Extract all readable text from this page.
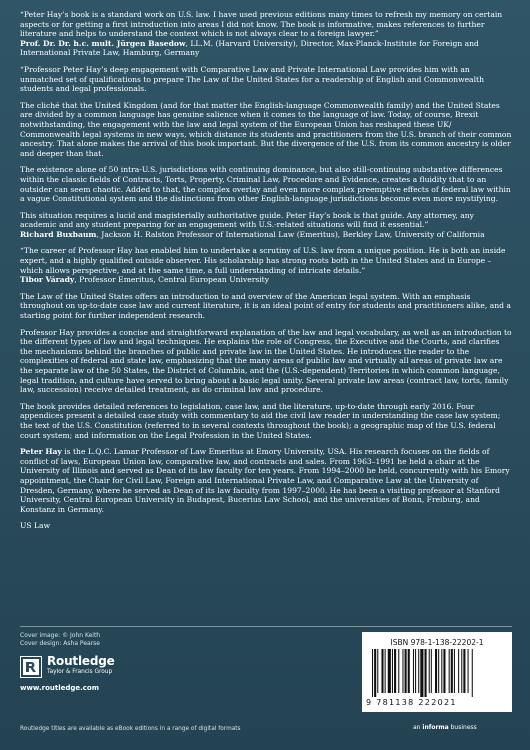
“Peter Hay’s book is a standard work on U.S. law. I have used previous editions many times to refresh my memory on certain aspects or for getting a first introduction into areas I did not know. The book is informative, makes references to further literature and helps to understand the context which is not always clear to a foreign lawyer.”

Prof. Dr. Dr. h.c. mult. Jürgen Basedow, LL.M. (Harvard University), Director, Max-Planck-Institute for Foreign and International Private Law, Hamburg, Germany

“Professor Peter Hay’s deep engagement with Comparative Law and Private International Law provides him with an unmatched set of qualifications to prepare The Law of the United States for a readership of English and Commonwealth students and legal professionals.

The cliché that the United Kingdom (and for that matter the English-language Commonwealth family) and the United States are divided by a common language has genuine salience when it comes to the language of law. Today, of course, Brexit notwithstanding, the engagement with the law and legal system of the European Union has reshaped these UK/ Commonwealth legal systems in new ways, which distance its students and practitioners from the U.S. branch of their common ancestry. That alone makes the arrival of this book important. But the divergence of the U.S. from its common ancestry is older and deeper than that.

The existence alone of 50 intra-U.S. jurisdictions with continuing dominance, but also still-continuing substantive differences within the classic fields of Contracts, Torts, Property, Criminal Law, Procedure and Evidence, creates a fluidity that to an outsider can seem chaotic. Added to that, the complex overlay and even more complex preemptive effects of federal law within a vague Constitutional system and the distinctions from other English-language jurisdictions become even more mystifying.

This situation requires a lucid and magisterially authoritative guide. Peter Hay’s book is that guide. Any attorney, any academic and any student preparing for an engagement with U.S.-related situations will find it essential.”

Richard Buxbaum, Jackson H. Ralston Professor of International Law (Emeritus), Berkley Law, University of California

“The career of Professor Hay has enabled him to undertake a scrutiny of U.S. law from a unique position. He is both an inside expert, and a highly qualified outside observer. His scholarship has strong roots both in the United States and in Europe – which allows perspective, and at the same time, a full understanding of intricate details.”

Tibor Várady, Professor Emeritus, Central European University

The Law of the United States offers an introduction to and overview of the American legal system. With an emphasis throughout on up-to-date case law and current literature, it is an ideal point of entry for students and practitioners alike, and a starting point for further independent research.

Professor Hay provides a concise and straightforward explanation of the law and legal vocabulary, as well as an introduction to the different types of law and legal techniques. He explains the role of Congress, the Executive and the Courts, and clarifies the mechanisms behind the branches of public and private law in the United States. He introduces the reader to the complexities of federal and state law, emphasizing that the many areas of public law and virtually all areas of private law are the separate law of the 50 States, the District of Columbia, and the (U.S.-dependent) Territories in which common language, legal tradition, and culture have served to bring about a basic legal unity. Several private law areas (contract law, torts, family law, succession) receive detailed treatment, as do criminal law and procedure.

The book provides detailed references to legislation, case law, and the literature, up-to-date through early 2016. Four appendices present a detailed case study with commentary to aid the civil law reader in understanding the case law system; the text of the U.S. Constitution (referred to in several contexts throughout the book); a geographic map of the U.S. federal court system; and information on the Legal Profession in the United States.

Peter Hay is the L.Q.C. Lamar Professor of Law Emeritus at Emory University, USA. His research focuses on the fields of conflict of laws, European Union law, comparative law, and contracts and sales. From 1963–1991 he held a chair at the University of Illinois and served as Dean of its law faculty for ten years. From 1994–2000 he held, concurrently with his Emory appointment, the Chair for Civil Law, Foreign and International Private Law, and Comparative Law at the University of Dresden, Germany, where he served as Dean of its law faculty from 1997–2000. He has been a visiting professor at Stanford University, Central European University in Budapest, Bucerius Law School, and the universities of Bonn, Freiburg, and Konstanz in Germany.

US Law

Cover image: © John Keith
Cover design: Asha Pearse
Routledge
Taylor & Francis Group
www.routledge.com
Routledge titles are available as eBook editions in a range of digital formats
ISBN 978-1-138-22202-1
9 781138 222021
an informa business
